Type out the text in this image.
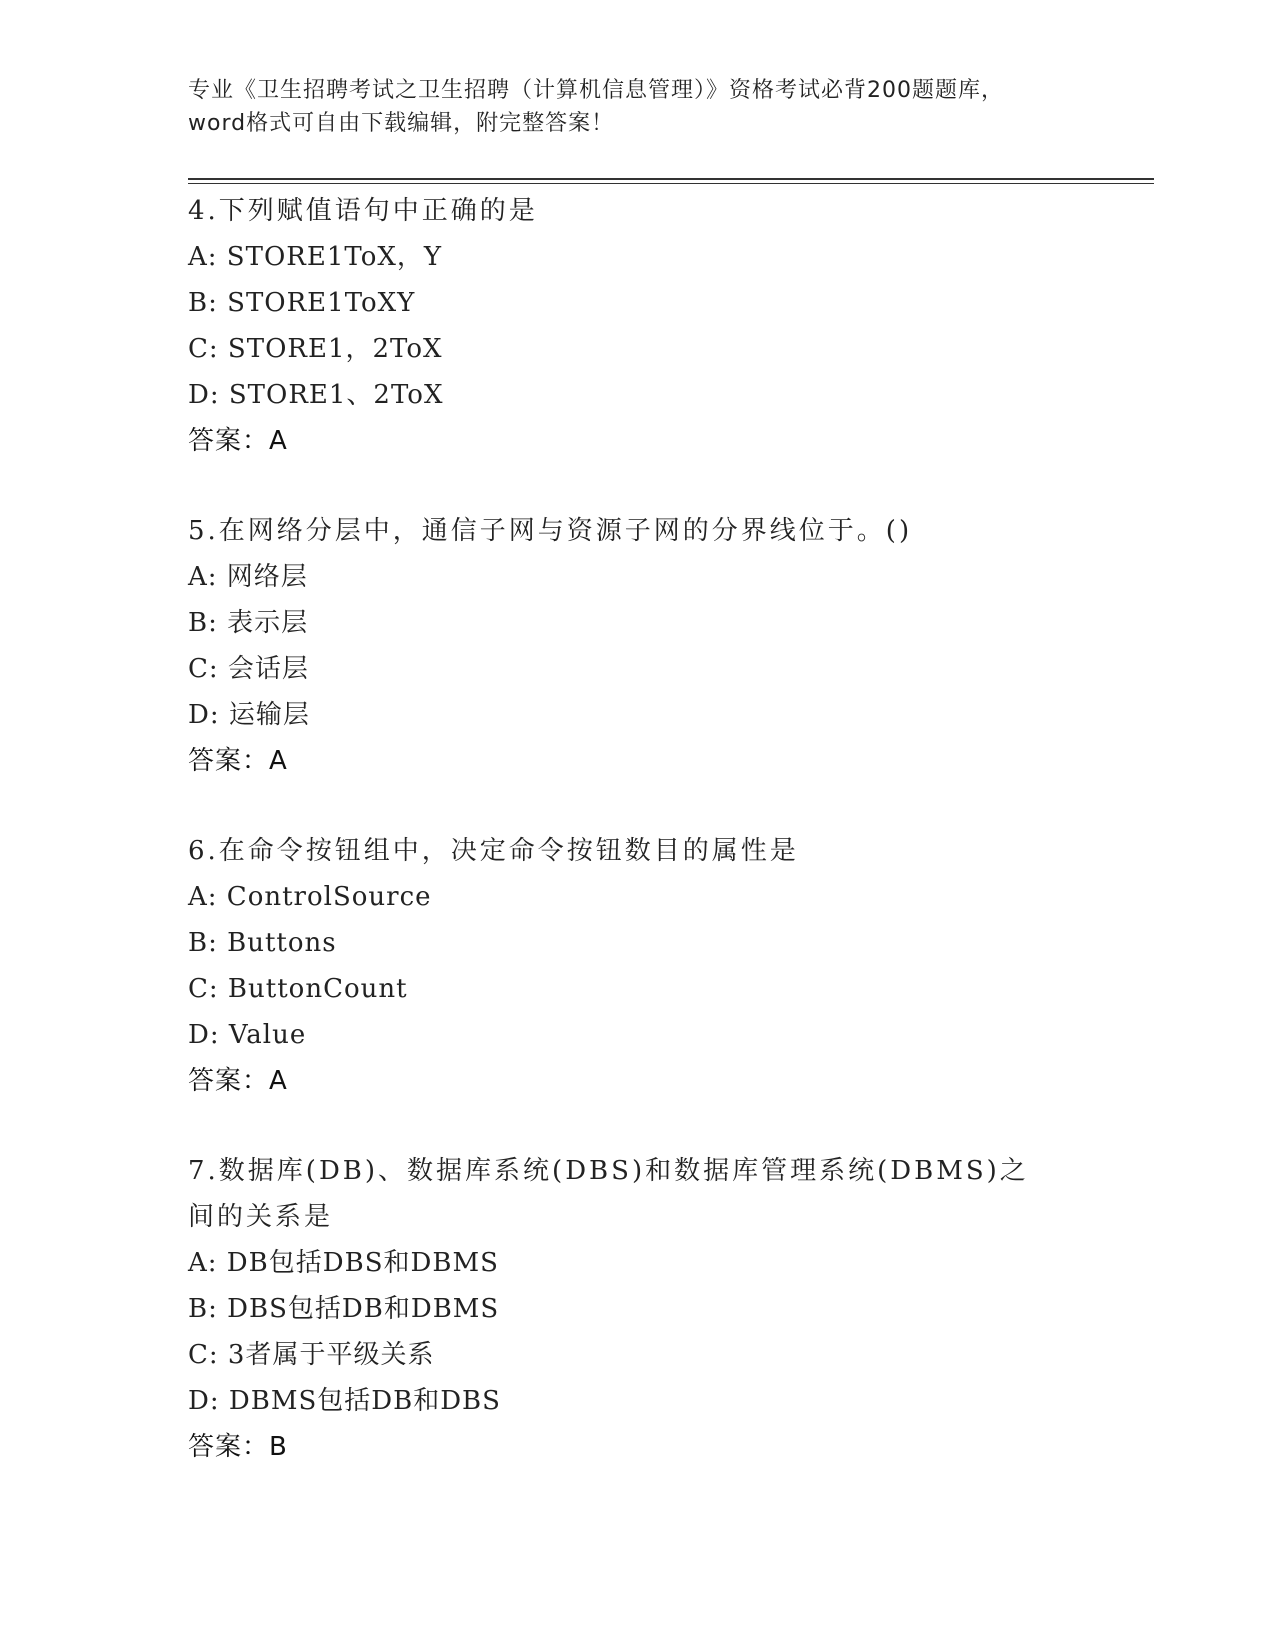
专业《卫生招聘考试之卫生招聘（计算机信息管理）》资格考试必背200题题库，
word格式可自由下载编辑，附完整答案！
4.下列赋值语句中正确的是
A: STORE1ToX，Y
B: STORE1ToXY
C: STORE1，2ToX
D: STORE1、2ToX
答案：A
5.在网络分层中，通信子网与资源子网的分界线位于。()
A: 网络层
B: 表示层
C: 会话层
D: 运输层
答案：A
6.在命令按钮组中，决定命令按钮数目的属性是
A: ControlSource
B: Buttons
C: ButtonCount
D: Value
答案：A
7.数据库(DB)、数据库系统(DBS)和数据库管理系统(DBMS)之间的关系是
A: DB包括DBS和DBMS
B: DBS包括DB和DBMS
C: 3者属于平级关系
D: DBMS包括DB和DBS
答案：B
